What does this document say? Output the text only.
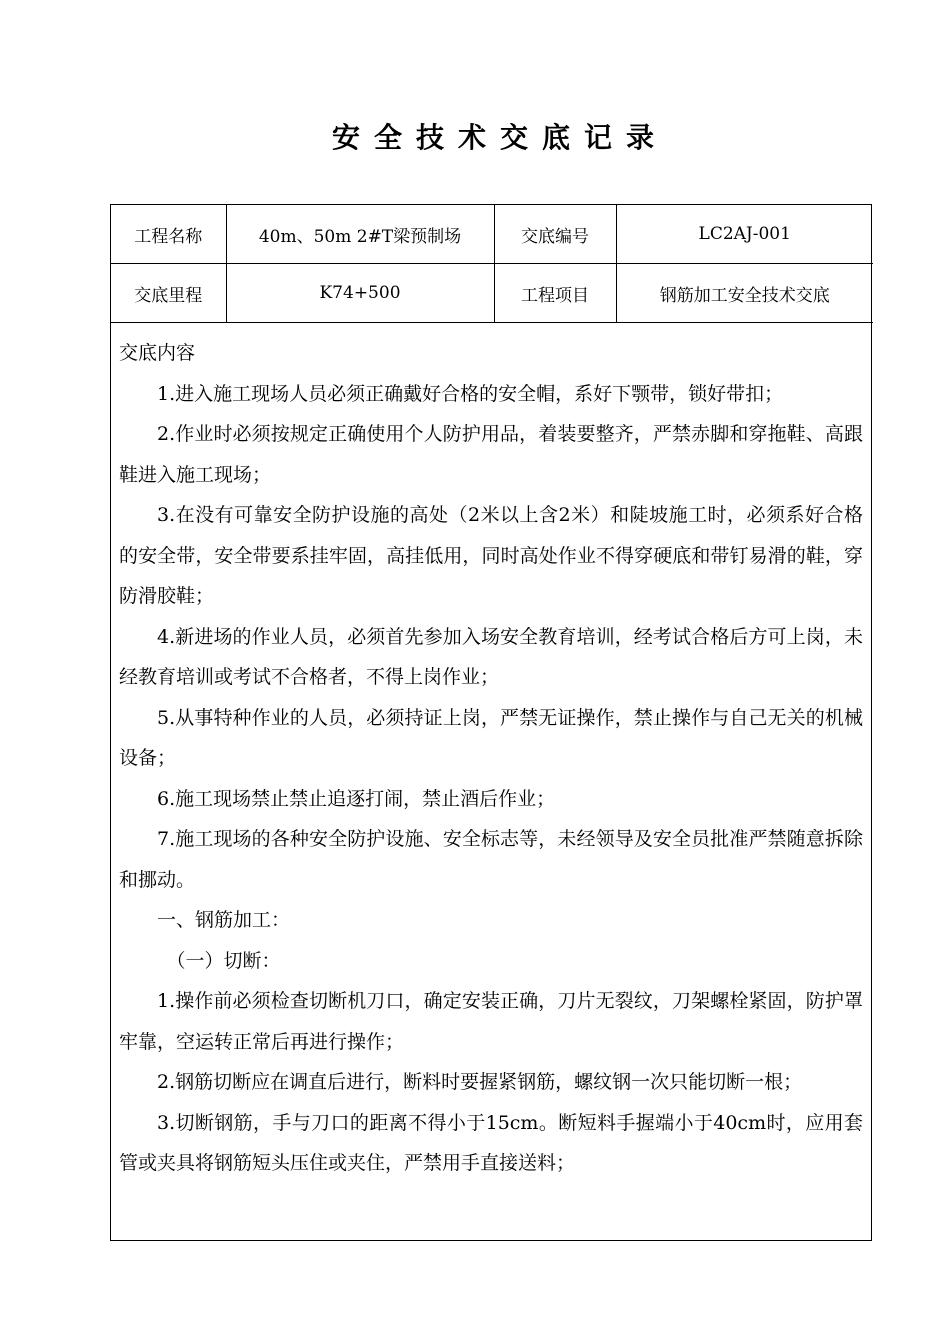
安全技术交底记录
工程名称	40m、50m 2#T梁预制场	交底编号	LC2AJ-001
交底里程	K74+500	工程项目	钢筋加工安全技术交底

交底内容

1.进入施工现场人员必须正确戴好合格的安全帽，系好下颚带，锁好带扣；

2.作业时必须按规定正确使用个人防护用品，着装要整齐，严禁赤脚和穿拖鞋、高跟鞋进入施工现场；

3.在没有可靠安全防护设施的高处（2米以上含2米）和陡坡施工时，必须系好合格的安全带，安全带要系挂牢固，高挂低用，同时高处作业不得穿硬底和带钉易滑的鞋，穿防滑胶鞋；

4.新进场的作业人员，必须首先参加入场安全教育培训，经考试合格后方可上岗，未经教育培训或考试不合格者，不得上岗作业；

5.从事特种作业的人员，必须持证上岗，严禁无证操作，禁止操作与自己无关的机械设备；

6.施工现场禁止禁止追逐打闹，禁止酒后作业；

7.施工现场的各种安全防护设施、安全标志等，未经领导及安全员批准严禁随意拆除和挪动。

一、钢筋加工：

（一）切断：

1.操作前必须检查切断机刀口，确定安装正确，刀片无裂纹，刀架螺栓紧固，防护罩牢靠，空运转正常后再进行操作；

2.钢筋切断应在调直后进行，断料时要握紧钢筋，螺纹钢一次只能切断一根；

3.切断钢筋，手与刀口的距离不得小于15cm。断短料手握端小于40cm时，应用套管或夹具将钢筋短头压住或夹住，严禁用手直接送料；
